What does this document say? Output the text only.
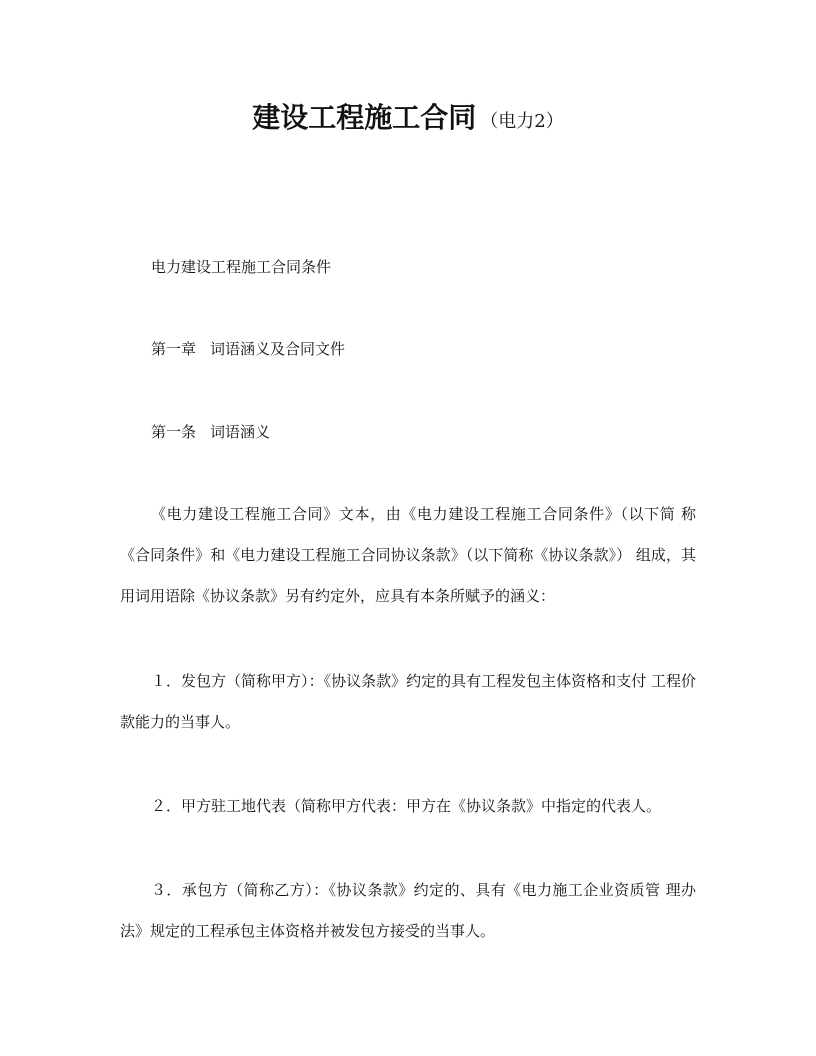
建设工程施工合同 （电力2）
电力建设工程施工合同条件
第一章 词语涵义及合同文件
第一条 词语涵义
《电力建设工程施工合同》文本，由《电力建设工程施工合同条件》（以下简 称《合同条件》和《电力建设工程施工合同协议条款》（以下简称《协议条款》） 组成，其用词用语除《协议条款》另有约定外，应具有本条所赋予的涵义：
１．发包方（简称甲方）：《协议条款》约定的具有工程发包主体资格和支付 工程价款能力的当事人。
２．甲方驻工地代表（简称甲方代表：甲方在《协议条款》中指定的代表人。
３．承包方（简称乙方）：《协议条款》约定的、具有《电力施工企业资质管 理办法》规定的工程承包主体资格并被发包方接受的当事人。
